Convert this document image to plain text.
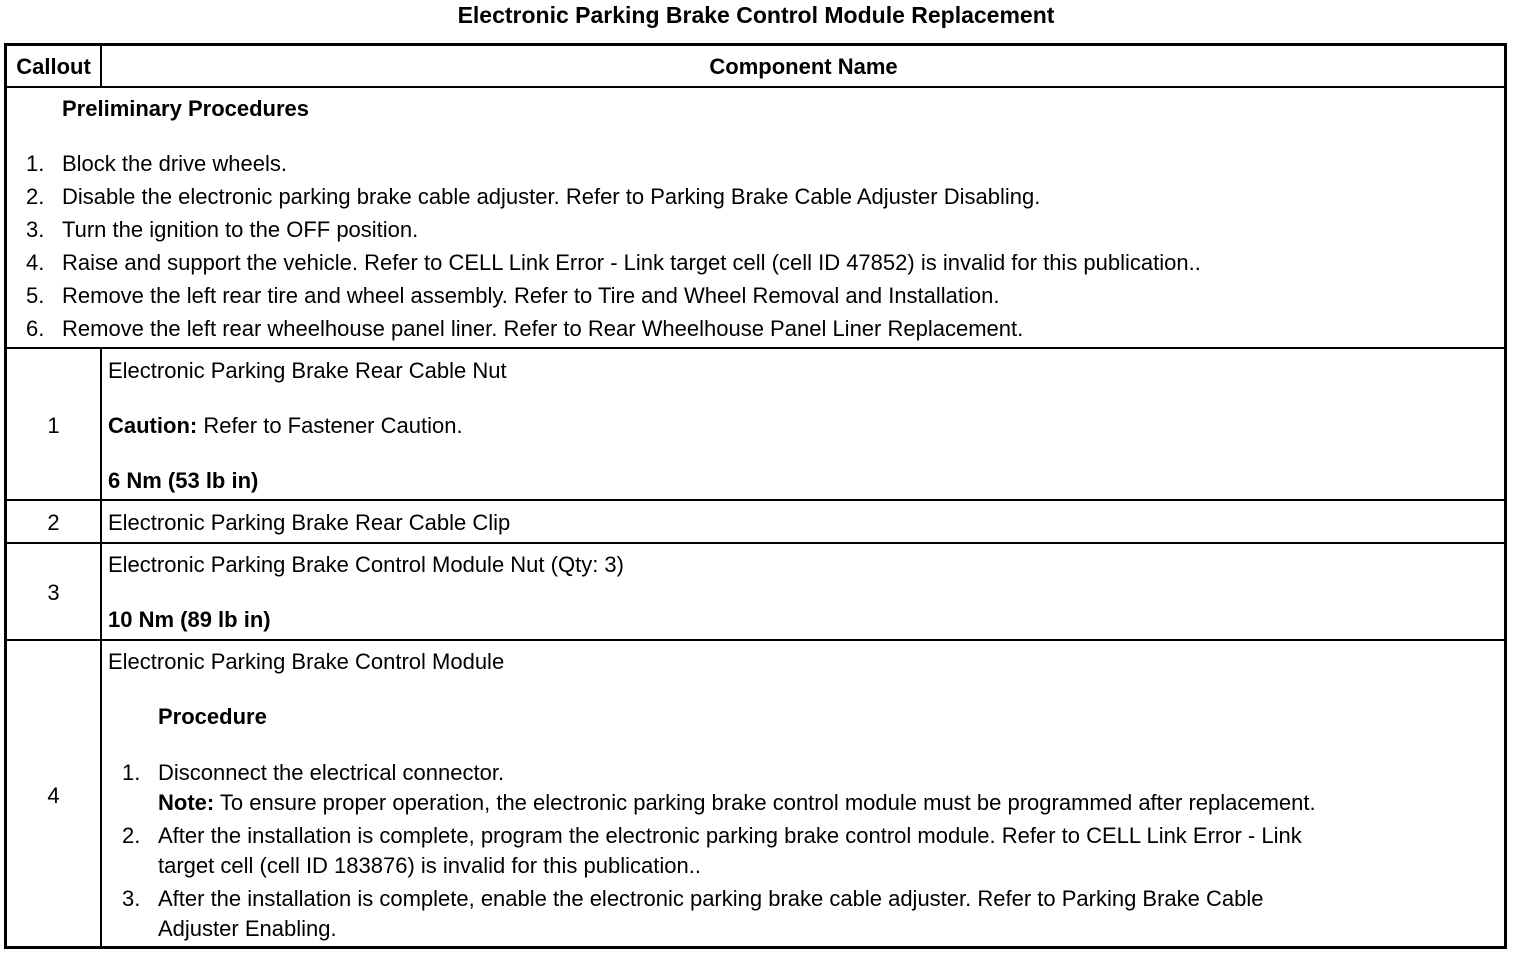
Electronic Parking Brake Control Module Replacement
Callout	Component Name
Preliminary Procedures
1. Block the drive wheels.
2. Disable the electronic parking brake cable adjuster. Refer to Parking Brake Cable Adjuster Disabling.
3. Turn the ignition to the OFF position.
4. Raise and support the vehicle. Refer to CELL Link Error - Link target cell (cell ID 47852) is invalid for this publication..
5. Remove the left rear tire and wheel assembly. Refer to Tire and Wheel Removal and Installation.
6. Remove the left rear wheelhouse panel liner. Refer to Rear Wheelhouse Panel Liner Replacement.
1
Electronic Parking Brake Rear Cable Nut
Caution: Refer to Fastener Caution.
6 Nm (53 lb in)
2	Electronic Parking Brake Rear Cable Clip
3
Electronic Parking Brake Control Module Nut (Qty: 3)
10 Nm (89 lb in)
4
Electronic Parking Brake Control Module
Procedure
1. Disconnect the electrical connector.
Note: To ensure proper operation, the electronic parking brake control module must be programmed after replacement.
2. After the installation is complete, program the electronic parking brake control module. Refer to CELL Link Error - Link
target cell (cell ID 183876) is invalid for this publication..
3. After the installation is complete, enable the electronic parking brake cable adjuster. Refer to Parking Brake Cable
Adjuster Enabling.
